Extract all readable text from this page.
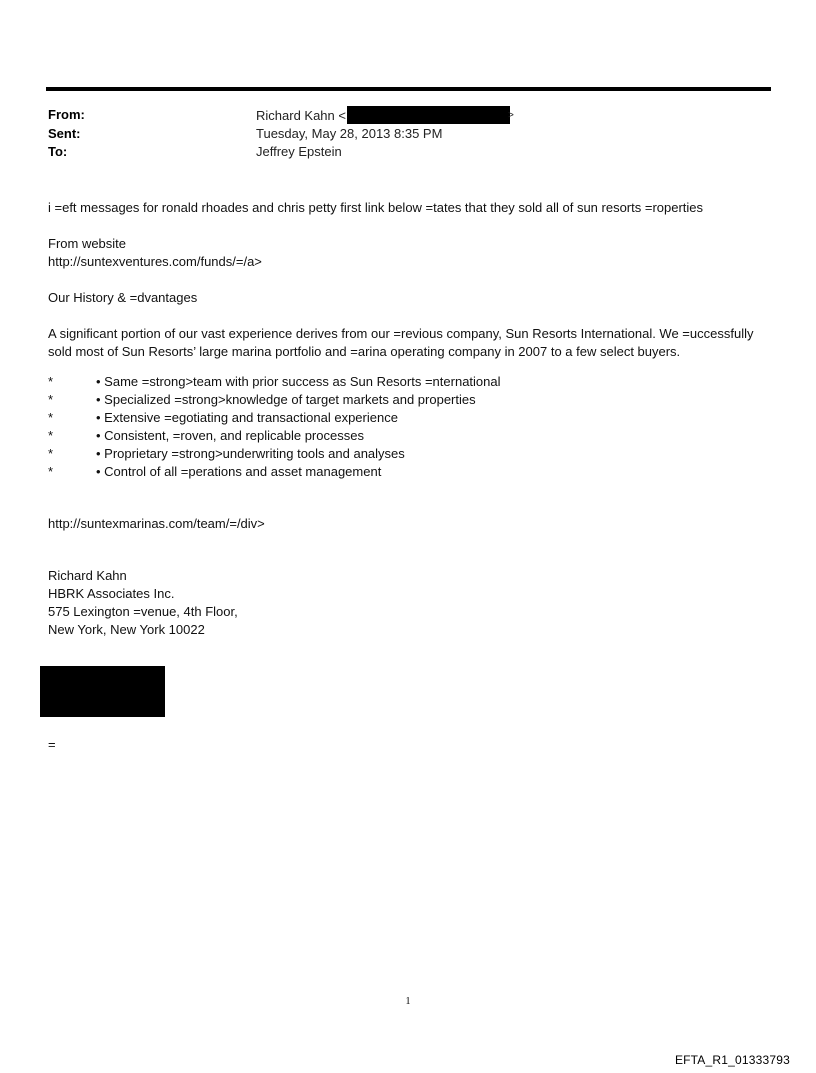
From:	Richard Kahn <	>
Sent:	Tuesday, May 28, 2013 8:35 PM
To:	Jeffrey Epstein

i =eft messages for ronald rhoades and chris petty first link below =tates that they sold all of sun resorts =roperties

From website

http://suntexventures.com/funds/=/a>

Our History & =dvantages

A significant portion of our vast experience derives from our =revious company, Sun Resorts International. We =uccessfully sold most of Sun Resorts’ large marina portfolio and =arina operating company in 2007 to a few select buyers.

*	• Same =strong>team with prior success as Sun Resorts =nternational
*	• Specialized =strong>knowledge of target markets and properties
*	• Extensive =egotiating and transactional experience
*	• Consistent, =roven, and replicable processes
*	• Proprietary =strong>underwriting tools and analyses
*	• Control of all =perations and asset management

http://suntexmarinas.com/team/=/div>

Richard Kahn

HBRK Associates Inc.

575 Lexington =venue, 4th Floor,

New York, New York 10022

=
1
EFTA_R1_01333793
